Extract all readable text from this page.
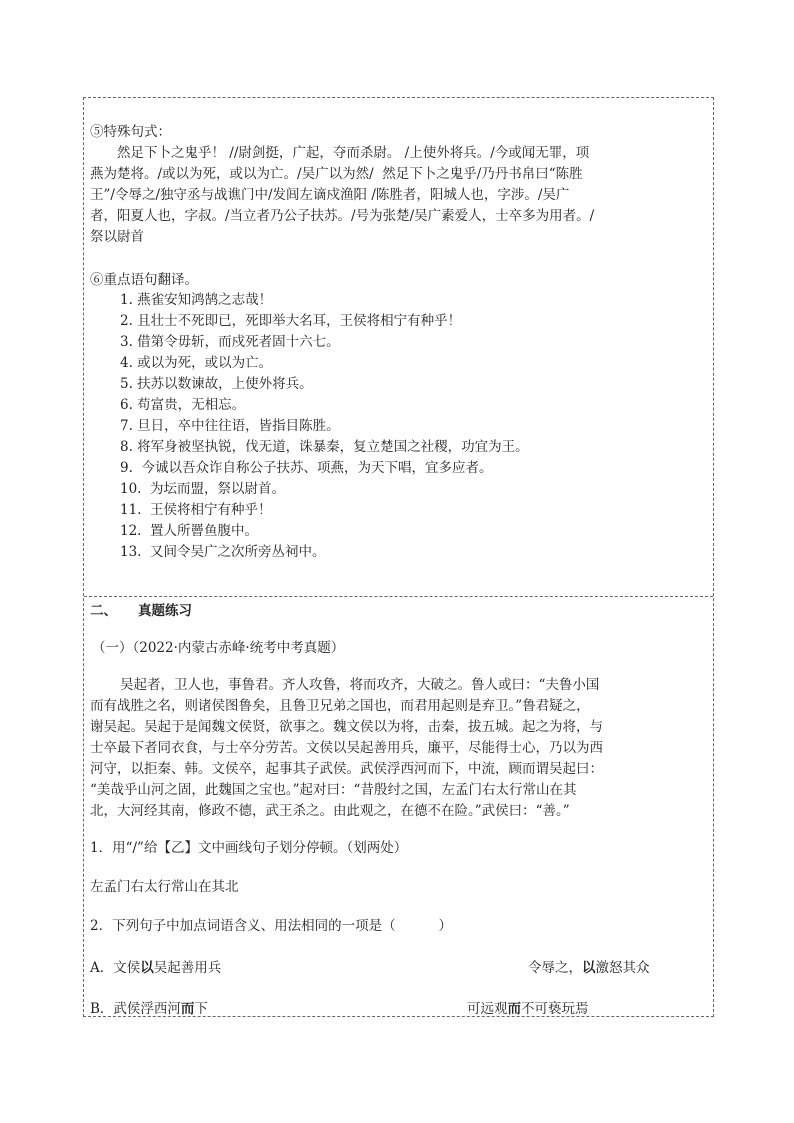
⑤特殊句式：
然足下卜之鬼乎！ //尉剑挺，广起，夺而杀尉。 /上使外将兵。/今或闻无罪，项
燕为楚将。/或以为死，或以为亡。/吴广以为然/  然足下卜之鬼乎/乃丹书帛曰“陈胜
王”/令辱之/独守丞与战谯门中/发闾左谪戍渔阳 /陈胜者，阳城人也，字涉。/吴广
者，阳夏人也，字叔。/当立者乃公子扶苏。/号为张楚/吴广素爱人，士卒多为用者。/
祭以尉首
⑥重点语句翻译。
1. 燕雀安知鸿鹄之志哉！
2. 且壮士不死即已，死即举大名耳，王侯将相宁有种乎！
3. 借第令毋斩，而戍死者固十六七。
4. 或以为死，或以为亡。
5. 扶苏以数谏故，上使外将兵。
6. 苟富贵，无相忘。
7. 旦日，卒中往往语，皆指目陈胜。
8. 将军身被坚执锐，伐无道，诛暴秦，复立楚国之社稷，功宜为王。
9.  今诚以吾众诈自称公子扶苏、项燕，为天下唱，宜多应者。
10.  为坛而盟，祭以尉首。
11.  王侯将相宁有种乎！
12.  置人所罾鱼腹中。
13.  又间令吴广之次所旁丛祠中。
二、 真题练习
（一）（2022·内蒙古赤峰·统考中考真题）
吴起者，卫人也，事鲁君。齐人攻鲁，将而攻齐，大破之。鲁人或曰：“夫鲁小国
而有战胜之名，则诸侯图鲁矣，且鲁卫兄弟之国也，而君用起则是弃卫。”鲁君疑之，
谢吴起。吴起于是闻魏文侯贤，欲事之。魏文侯以为将，击秦，拔五城。起之为将，与
士卒最下者同衣食，与士卒分劳苦。文侯以吴起善用兵，廉平，尽能得士心，乃以为西
河守，以拒秦、韩。文侯卒，起事其子武侯。武侯浮西河而下，中流，顾而谓吴起曰：
“美哉乎山河之固，此魏国之宝也。”起对曰：“昔殷纣之国，左孟门右太行常山在其
北，大河经其南，修政不德，武王杀之。由此观之，在德不在险。”武侯曰：“善。”
1．用“/”给【乙】文中画线句子划分停顿。（划两处）
左孟门右太行常山在其北
2．下列句子中加点词语含义、用法相同的一项是（          ）
A．文侯以吴起善用兵	令辱之，以激怒其众
B．武侯浮西河而下	可远观而不可亵玩焉
